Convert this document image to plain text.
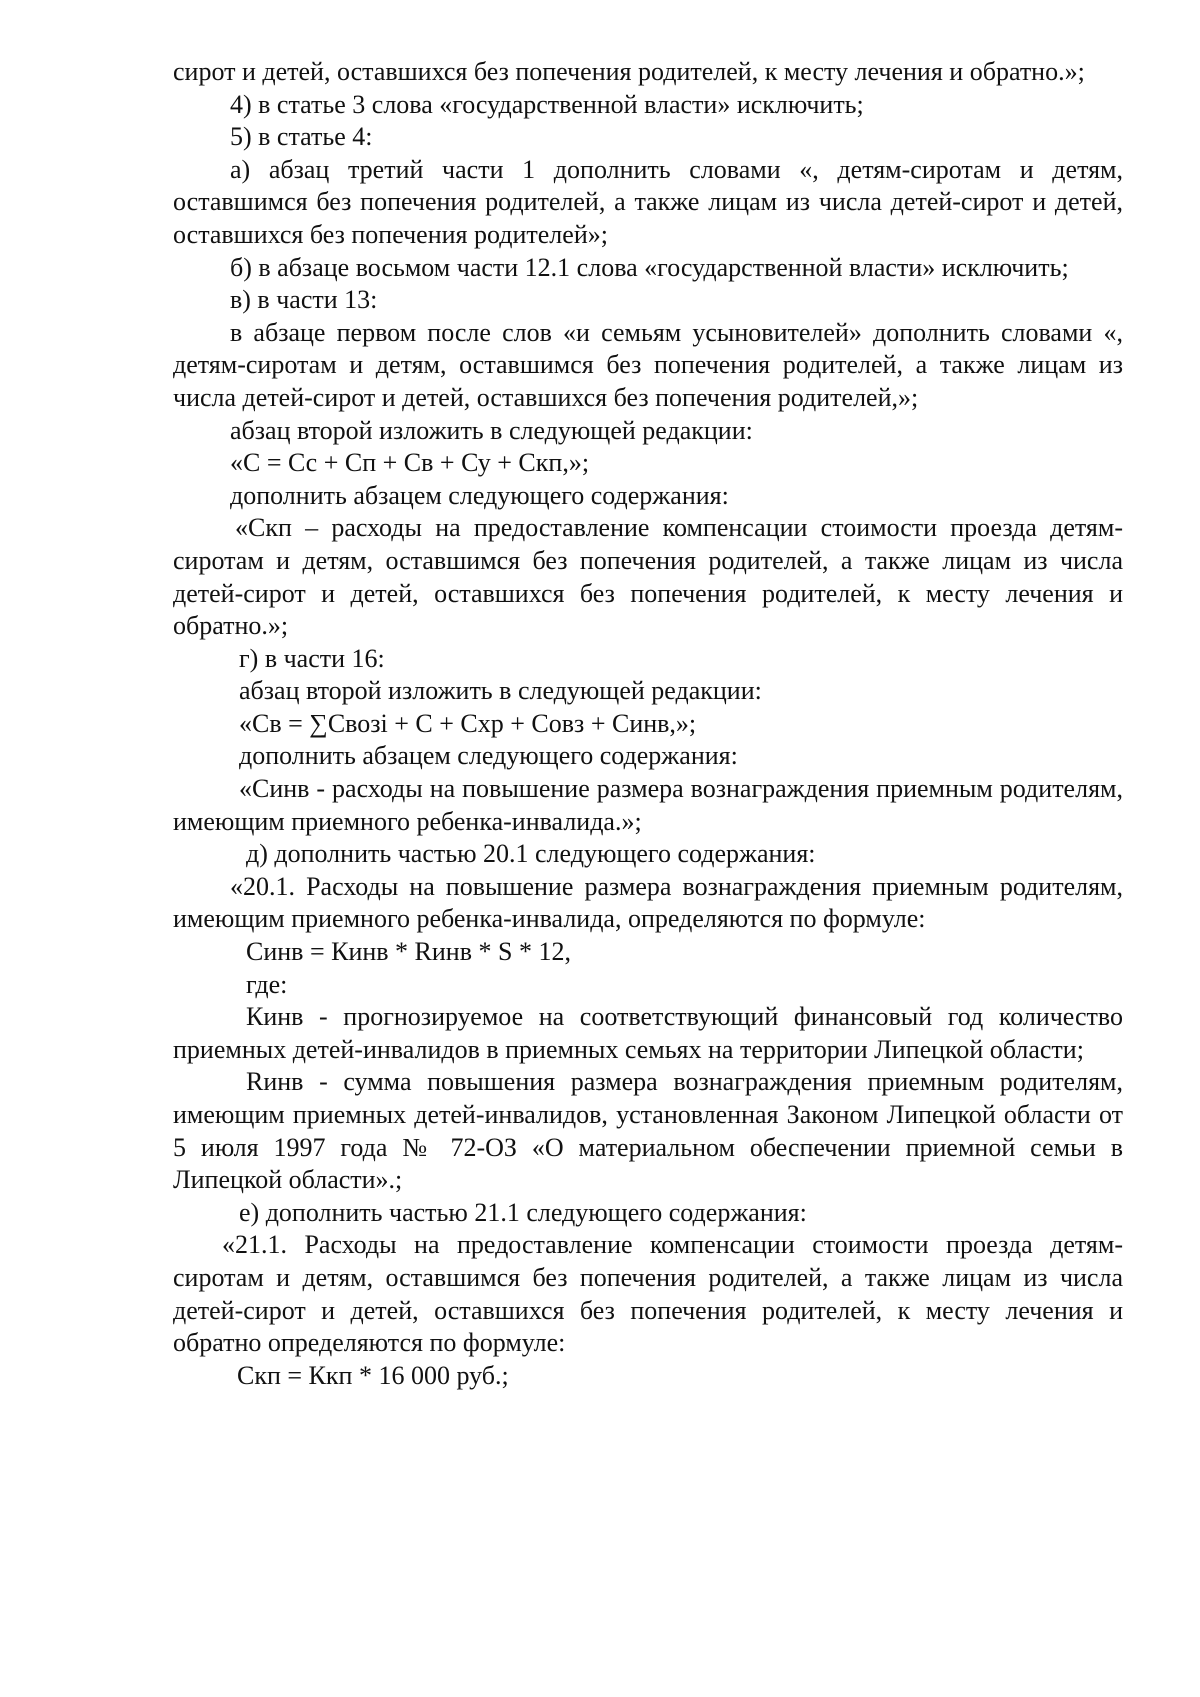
сирот и детей, оставшихся без попечения родителей, к месту лечения и обратно.»;

4) в статье 3 слова «государственной власти» исключить;

5) в статье 4:

а) абзац третий части 1 дополнить словами «, детям-сиротам и детям, оставшимся без попечения родителей, а также лицам из числа детей-сирот и детей, оставшихся без попечения родителей»;

б) в абзаце восьмом части 12.1 слова «государственной власти» исключить;

в) в части 13:

в абзаце первом после слов «и семьям усыновителей» дополнить словами «, детям-сиротам и детям, оставшимся без попечения родителей, а также лицам из числа детей-сирот и детей, оставшихся без попечения родителей,»;

абзац второй изложить в следующей редакции:

«С = Сс + Сп + Св + Су + Скп,»;

дополнить абзацем следующего содержания:

«Скп – расходы на предоставление компенсации стоимости проезда детям-сиротам и детям, оставшимся без попечения родителей, а также лицам из числа детей-сирот и детей, оставшихся без попечения родителей, к месту лечения и обратно.»;

г) в части 16:

абзац второй изложить в следующей редакции:

«Св = ∑Свозi + С + Схр + Совз + Синв,»;

дополнить абзацем следующего содержания:

«Синв - расходы на повышение размера вознаграждения приемным родителям, имеющим приемного ребенка-инвалида.»;

д) дополнить частью 20.1 следующего содержания:

«20.1. Расходы на повышение размера вознаграждения приемным родителям, имеющим приемного ребенка-инвалида, определяются по формуле:

Синв = Кинв * Rинв * S * 12,

где:

Кинв - прогнозируемое на соответствующий финансовый год количество приемных детей-инвалидов в приемных семьях на территории Липецкой области;

Rинв - сумма повышения размера вознаграждения приемным родителям, имеющим приемных детей-инвалидов, установленная Законом Липецкой области от 5 июля 1997 года № 72-ОЗ «О материальном обеспечении приемной семьи в Липецкой области».;

е) дополнить частью 21.1 следующего содержания:

«21.1. Расходы на предоставление компенсации стоимости проезда детям-сиротам и детям, оставшимся без попечения родителей, а также лицам из числа детей-сирот и детей, оставшихся без попечения родителей, к месту лечения и обратно определяются по формуле:

Скп = Ккп * 16 000 руб.;
